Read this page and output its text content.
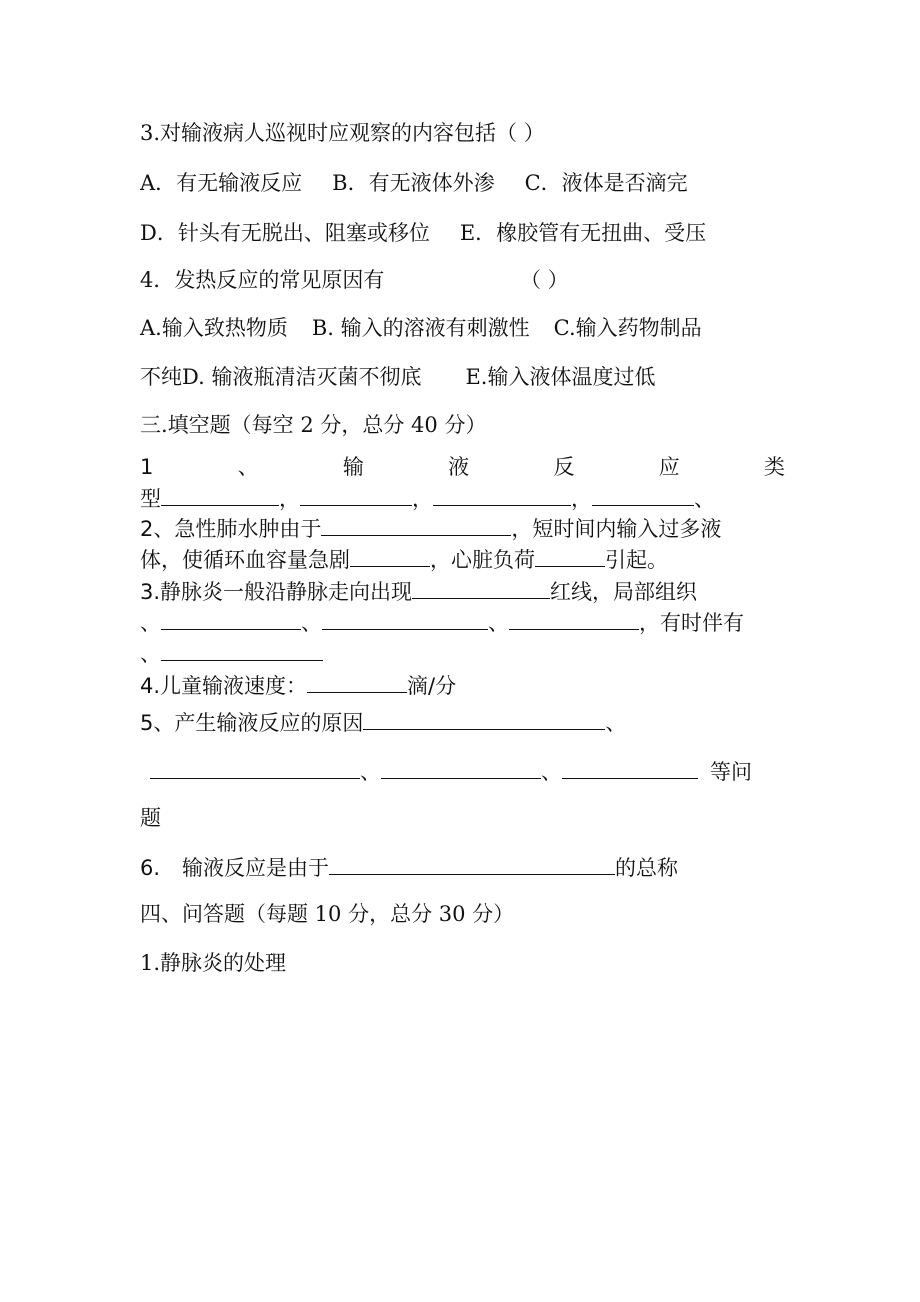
3.对输液病人巡视时应观察的内容包括（ ）
A．有无输液反应 B．有无液体外渗 C．液体是否滴完
D．针头有无脱出、阻塞或移位 E．橡胶管有无扭曲、受压
4．发热反应的常见原因有	（ ）
A.输入致热物质 B. 输入的溶液有刺激性 C.输入药物制品
不纯D. 输液瓶清洁灭菌不彻底 E.输入液体温度过低
三.填空题（每空 2 分，总分 40 分）
1	、	输	液	反	应	类
型	，	，	，	、
2、急性肺水肿由于	，短时间内输入过多液
体，使循环血容量急剧	，心脏负荷	引起。
3.静脉炎一般沿静脉走向出现	红线，局部组织
、	、	、	，有时伴有
、
4.儿童输液速度：	滴/分
5、产生输液反应的原因	、
、	、	等问
题
6. 输液反应是由于	的总称
四、问答题（每题 10 分，总分 30 分）
1.静脉炎的处理
